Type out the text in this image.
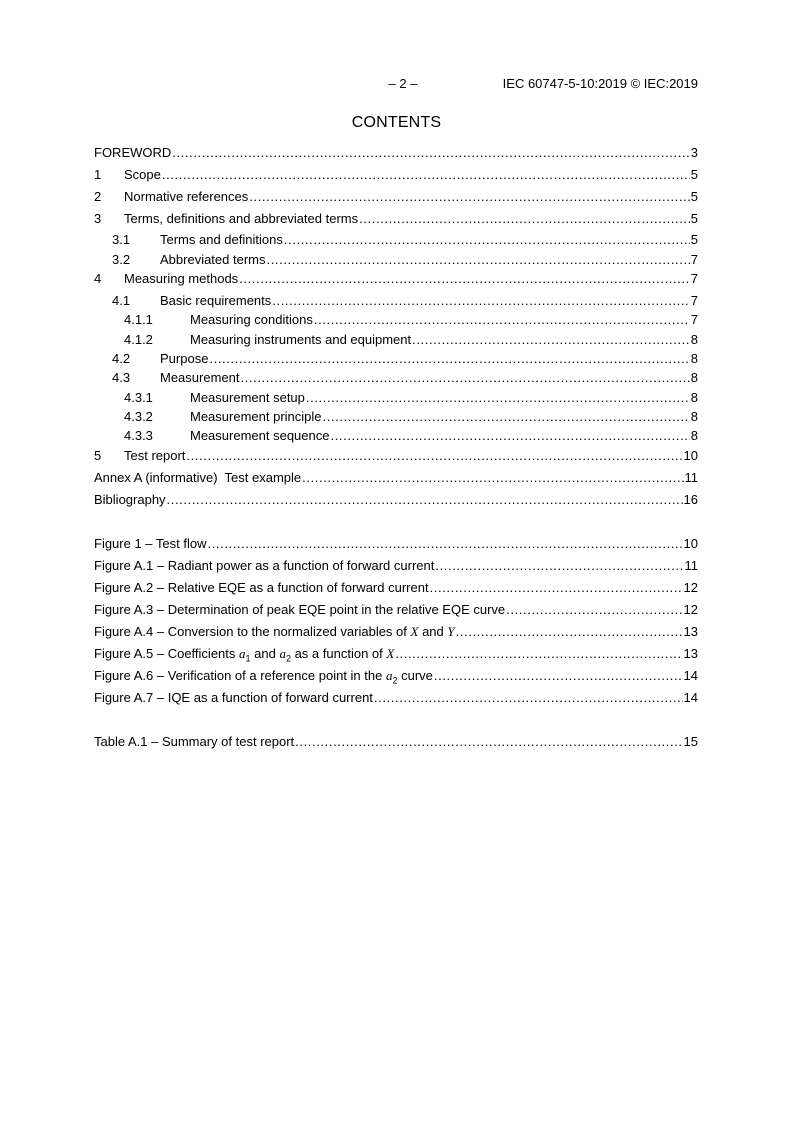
– 2 –	IEC 60747-5-10:2019 © IEC:2019
CONTENTS
FOREWORD .....	3
1	Scope .....	5
2	Normative references .....	5
3	Terms, definitions and abbreviated terms .....	5
3.1	Terms and definitions .....	5
3.2	Abbreviated terms .....	7
4	Measuring methods .....	7
4.1	Basic requirements .....	7
4.1.1	Measuring conditions .....	7
4.1.2	Measuring instruments and equipment .....	8
4.2	Purpose .....	8
4.3	Measurement .....	8
4.3.1	Measurement setup .....	8
4.3.2	Measurement principle .....	8
4.3.3	Measurement sequence .....	8
5	Test report .....	10
Annex A (informative)  Test example .....	11
Bibliography .....	16
Figure 1 – Test flow .....	10
Figure A.1 – Radiant power as a function of forward current .....	11
Figure A.2 – Relative EQE as a function of forward current .....	12
Figure A.3 – Determination of peak EQE point in the relative EQE curve .....	12
Figure A.4 – Conversion to the normalized variables of X and Y .....	13
Figure A.5 – Coefficients $a_1$ and $a_2$ as a function of X .....	13
Figure A.6 – Verification of a reference point in the $a_2$ curve .....	14
Figure A.7 – IQE as a function of forward current .....	14
Table A.1 – Summary of test report .....	15
